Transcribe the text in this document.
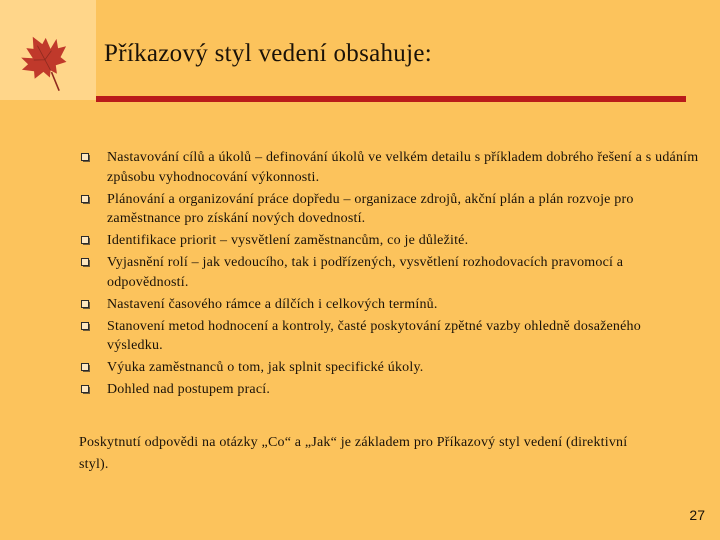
Příkazový styl vedení obsahuje:
Nastavování cílů a úkolů – definování úkolů ve velkém detailu s příkladem dobrého řešení a s udáním způsobu vyhodnocování výkonnosti.
Plánování a organizování práce dopředu – organizace zdrojů, akční plán a plán rozvoje pro zaměstnance pro získání nových dovedností.
Identifikace priorit – vysvětlení zaměstnancům, co je důležité.
Vyjasnění rolí – jak vedoucího, tak i podřízených, vysvětlení rozhodovacích pravomocí a odpovědností.
Nastavení časového rámce a dílčích i celkových termínů.
Stanovení metod hodnocení a kontroly, časté poskytování zpětné vazby ohledně dosaženého výsledku.
Výuka zaměstnanců o tom, jak splnit specifické úkoly.
Dohled nad postupem prací.

Poskytnutí odpovědi na otázky „Co“ a „Jak“ je základem pro Příkazový styl vedení (direktivní styl).

27
